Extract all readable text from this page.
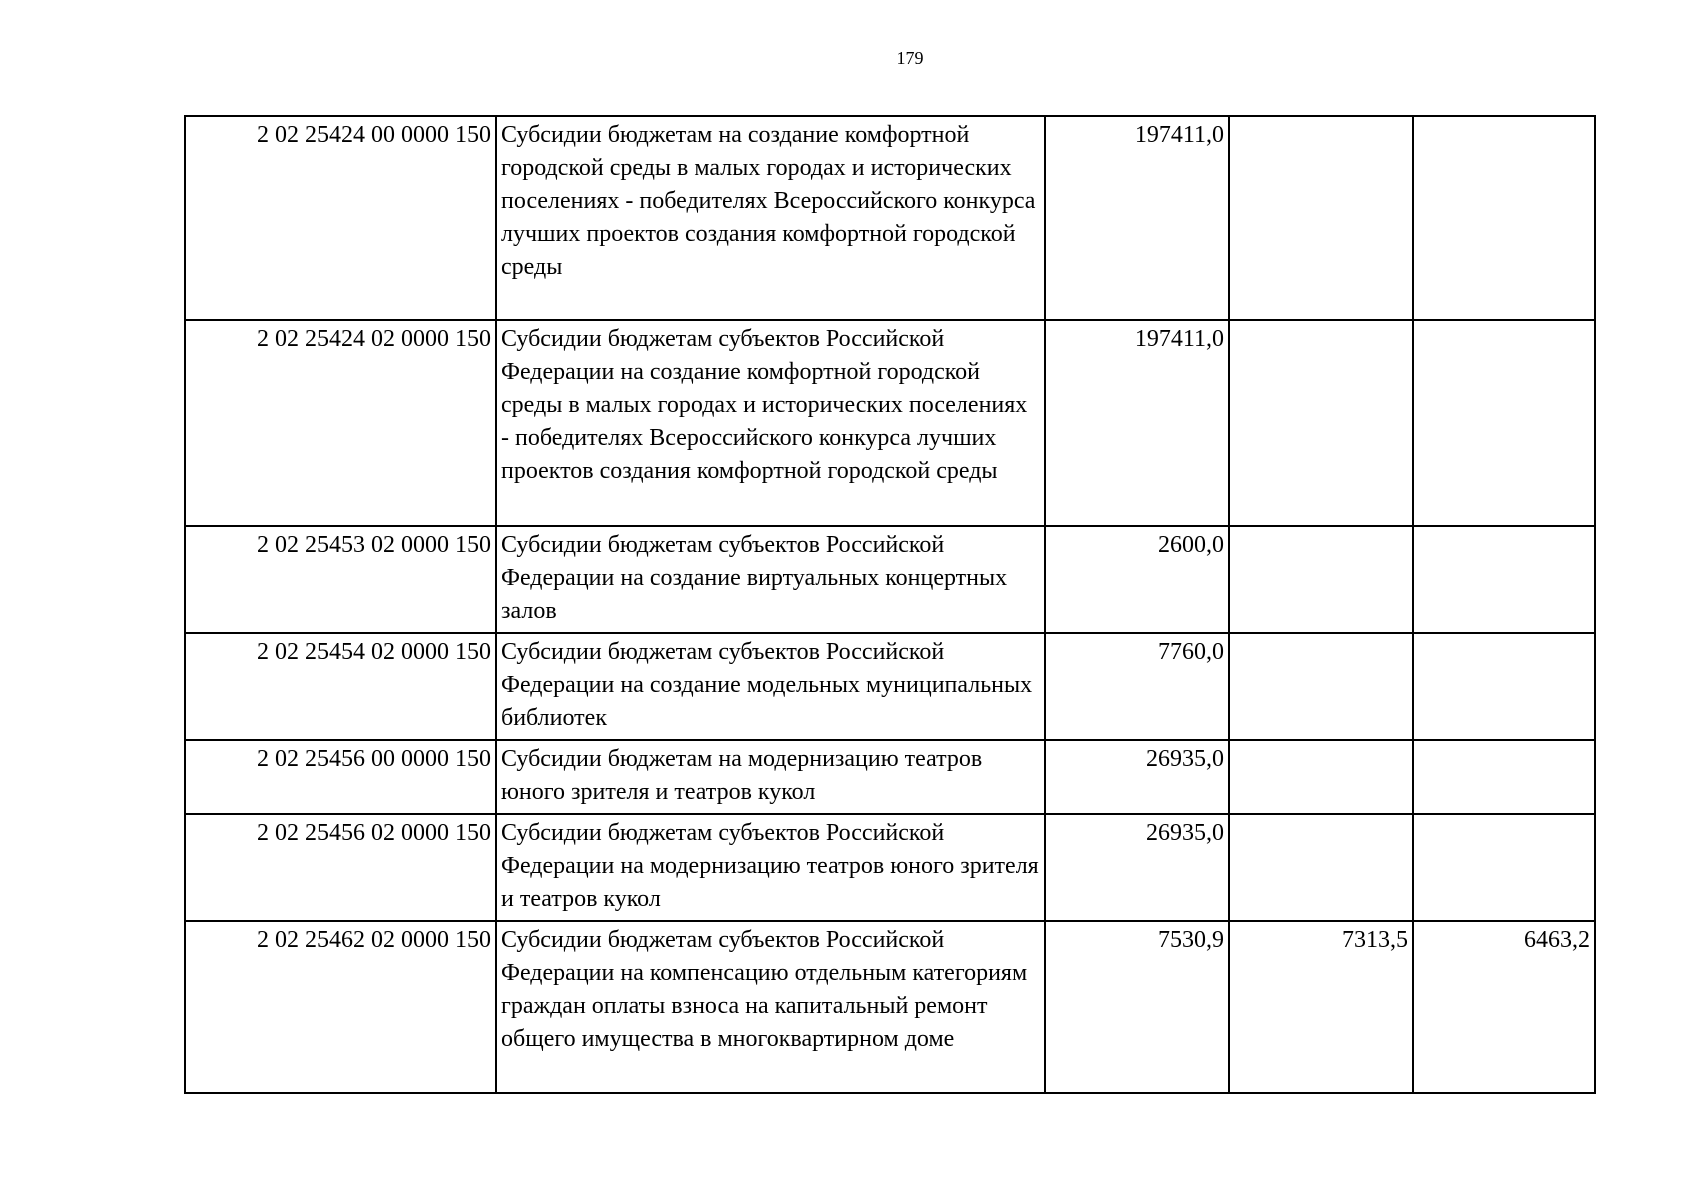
179
2 02 25424 00 0000 150	Субсидии бюджетам на создание комфортной городской среды в малых городах и исторических поселениях - победителях Всероссийского конкурса лучших проектов создания комфортной городской среды	197411,0		
2 02 25424 02 0000 150	Субсидии бюджетам субъектов Российской Федерации на создание комфортной городской среды в малых городах и исторических поселениях - победителях Всероссийского конкурса лучших проектов создания комфортной городской среды	197411,0		
2 02 25453 02 0000 150	Субсидии бюджетам субъектов Российской Федерации на создание виртуальных концертных залов	2600,0		
2 02 25454 02 0000 150	Субсидии бюджетам субъектов Российской Федерации на создание модельных муниципальных библиотек	7760,0		
2 02 25456 00 0000 150	Субсидии бюджетам на модернизацию театров юного зрителя и театров кукол	26935,0		
2 02 25456 02 0000 150	Субсидии бюджетам субъектов Российской Федерации на модернизацию театров юного зрителя и театров кукол	26935,0		
2 02 25462 02 0000 150	Субсидии бюджетам субъектов Российской Федерации на компенсацию отдельным категориям граждан оплаты взноса на капитальный ремонт общего имущества в многоквартирном доме	7530,9	7313,5	6463,2
